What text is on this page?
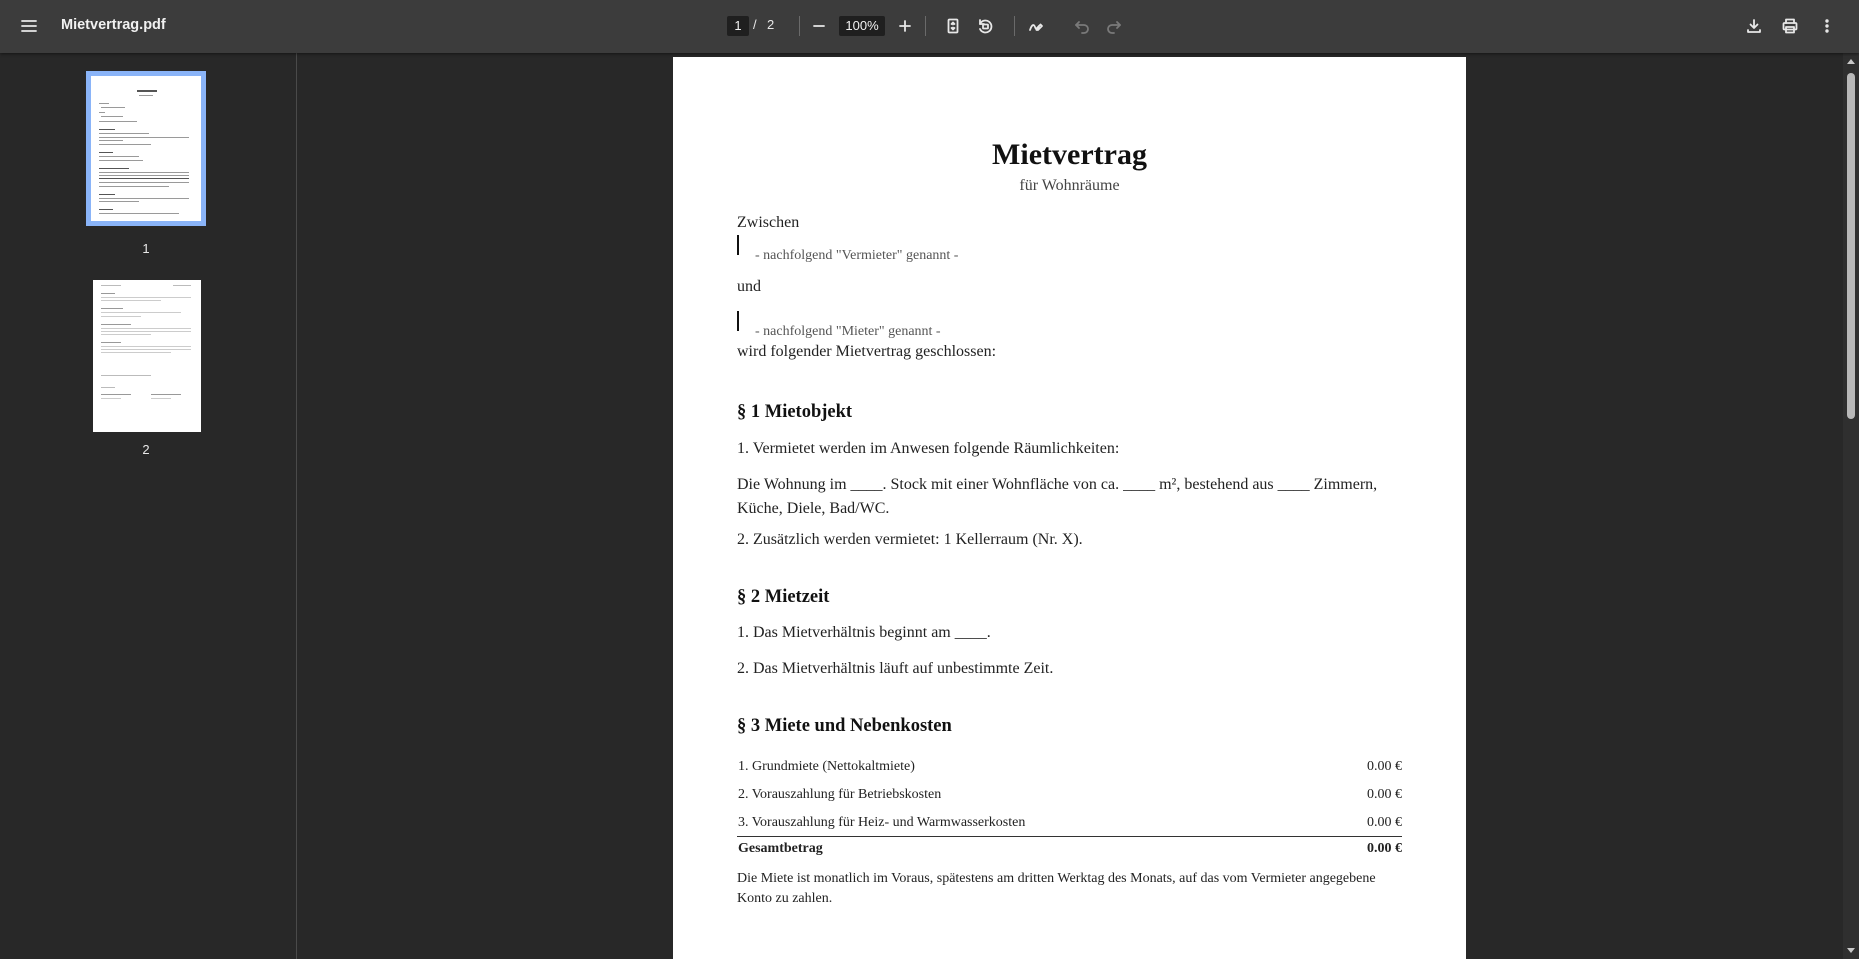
Mietvertrag.pdf	1 / 2	100%
1
2
Mietvertrag
für Wohnräume
Zwischen
- nachfolgend "Vermieter" genannt -
und
- nachfolgend "Mieter" genannt -
wird folgender Mietvertrag geschlossen:
§ 1 Mietobjekt
1. Vermietet werden im Anwesen folgende Räumlichkeiten:
Die Wohnung im ____. Stock mit einer Wohnfläche von ca. ____ m², bestehend aus ____ Zimmern, Küche, Diele, Bad/WC.
2. Zusätzlich werden vermietet: 1 Kellerraum (Nr. X).
§ 2 Mietzeit
1. Das Mietverhältnis beginnt am ____.
2. Das Mietverhältnis läuft auf unbestimmte Zeit.
§ 3 Miete und Nebenkosten
1. Grundmiete (Nettokaltmiete)	0.00 €
2. Vorauszahlung für Betriebskosten	0.00 €
3. Vorauszahlung für Heiz- und Warmwasserkosten	0.00 €
Gesamtbetrag	0.00 €
Die Miete ist monatlich im Voraus, spätestens am dritten Werktag des Monats, auf das vom Vermieter angegebene Konto zu zahlen.
